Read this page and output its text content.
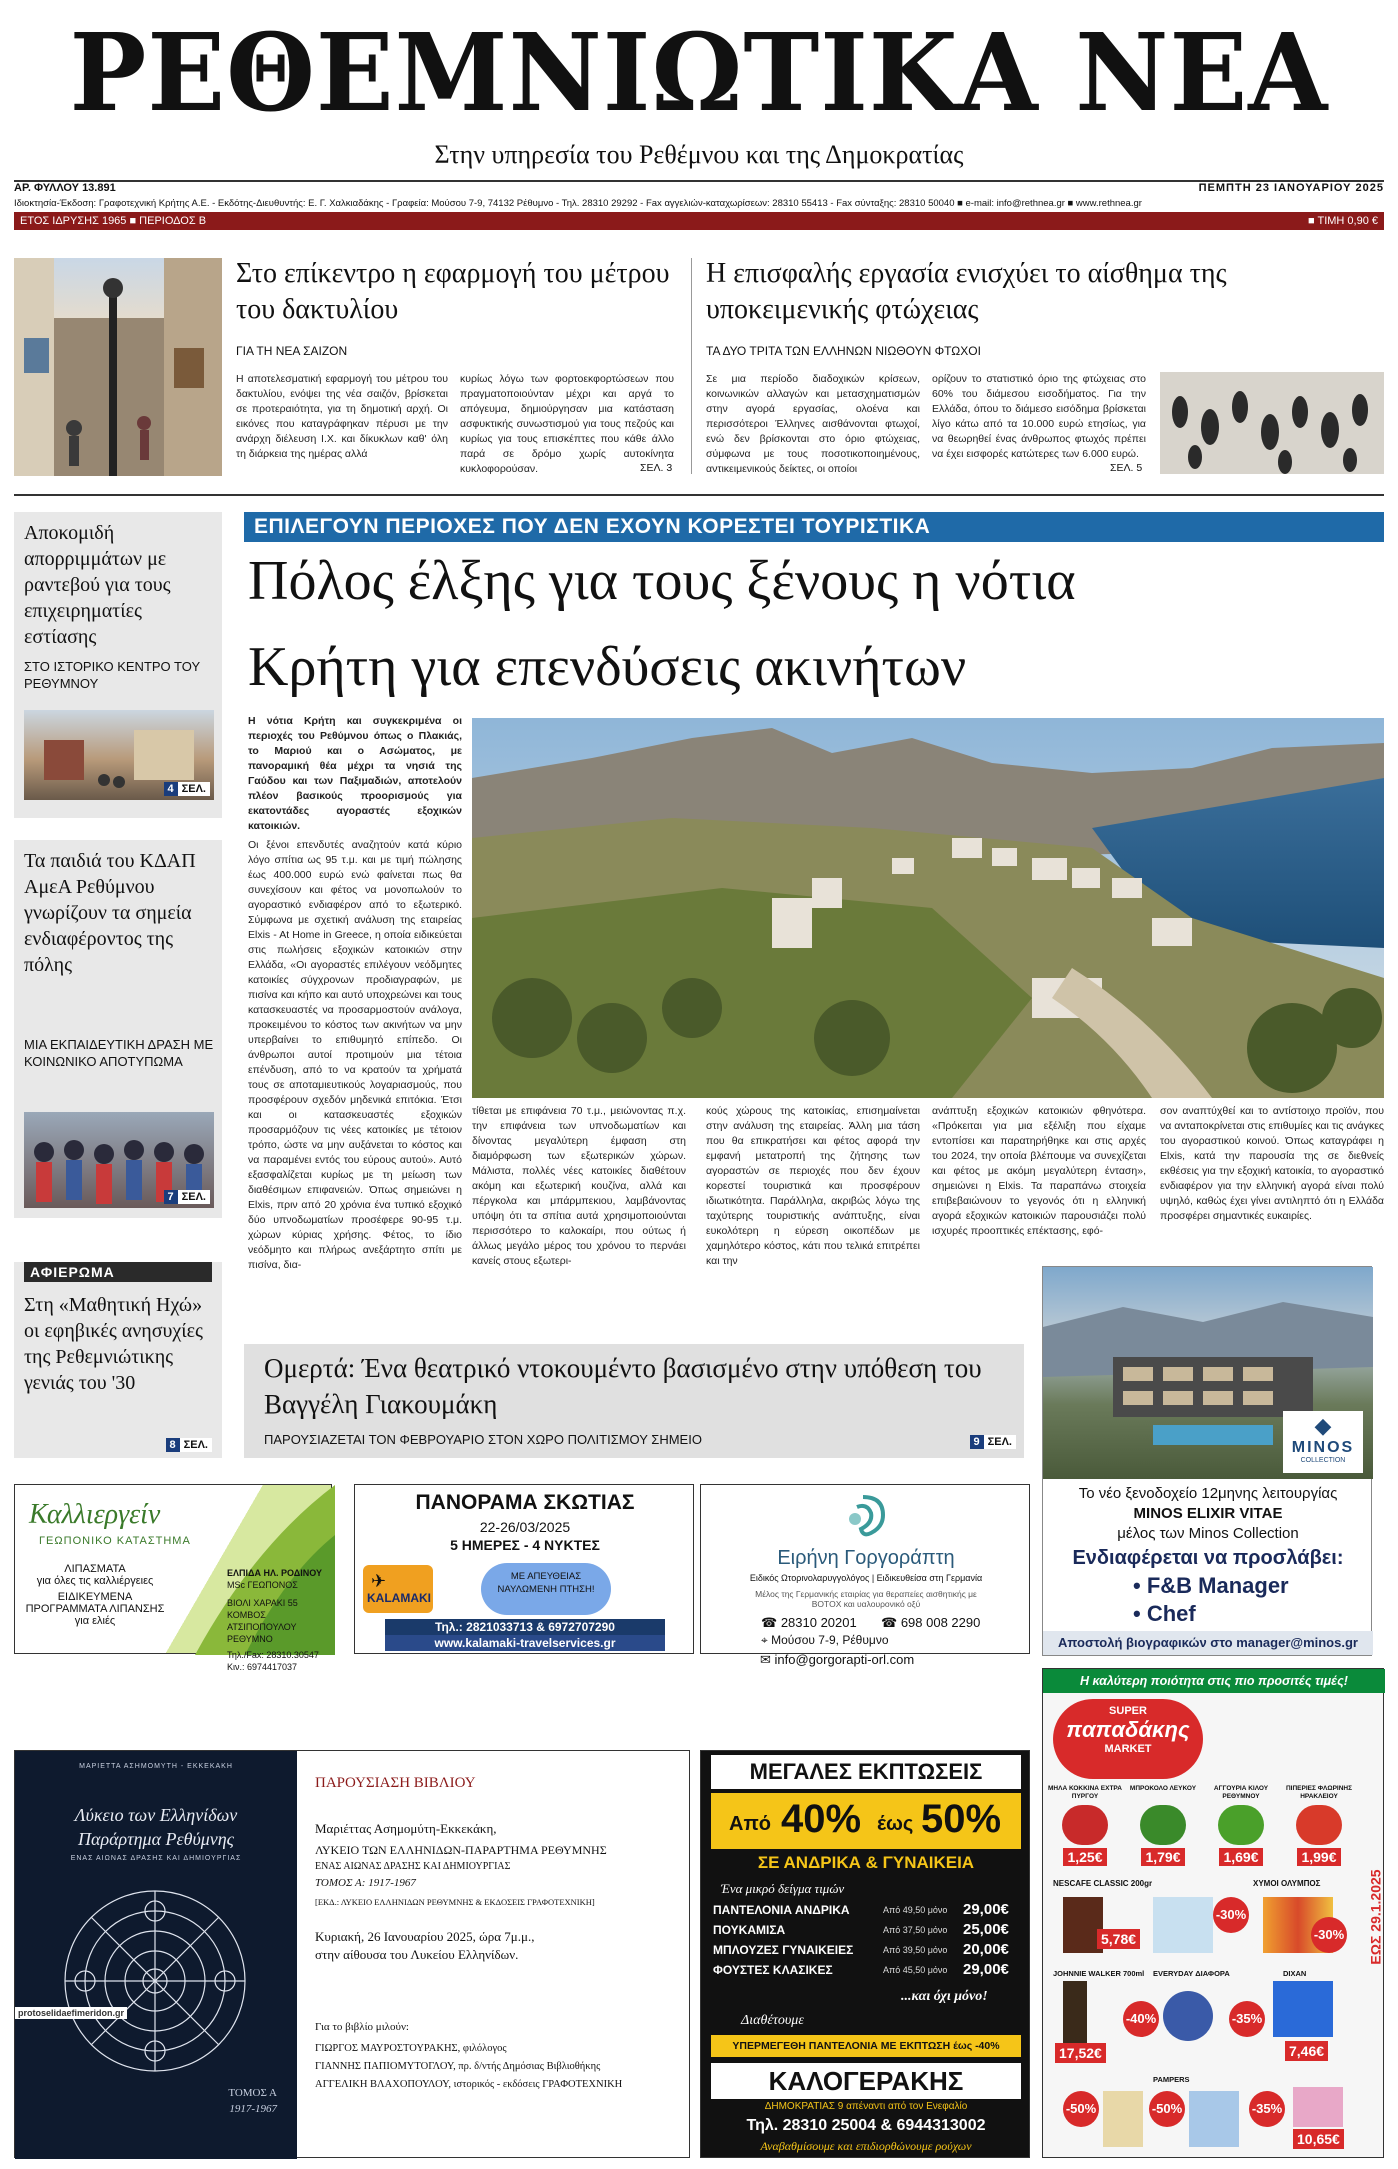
ΡΕΘΕΜΝΙΩΤΙΚΑ ΝΕΑ
Στην υπηρεσία του Ρεθέμνου και της Δημοκρατίας
ΑΡ. ΦΥΛΛΟΥ 13.891	ΠΕΜΠΤΗ 23 ΙΑΝΟΥΑΡΙΟΥ 2025
Ιδιοκτησία-Έκδοση: Γραφοτεχνική Κρήτης Α.Ε. - Εκδότης-Διευθυντής: Ε. Γ. Χαλκιαδάκης - Γραφεία: Μούσου 7-9, 74132 Ρέθυμνο - Τηλ. 28310 29292 - Fax αγγελιών-καταχωρίσεων: 28310 55413 - Fax σύνταξης: 28310 50040 ■ e-mail: info@rethnea.gr ■ www.rethnea.gr
ΕΤΟΣ ΙΔΡΥΣΗΣ 1965 ■ ΠΕΡΙΟΔΟΣ Β	■ ΤΙΜΗ 0,90 €
Στο επίκεντρο η εφαρμογή του μέτρου του δακτυλίου
ΓΙΑ ΤΗ ΝΕΑ ΣΑΙΖΟΝ
Η αποτελεσματική εφαρμογή του μέτρου του δακτυλίου, ενόψει της νέα σαιζόν, βρίσκεται σε προτεραιότητα, για τη δημοτική αρχή. Οι εικόνες που καταγράφηκαν πέρυσι με την ανάρχη διέλευση Ι.Χ. και δίκυκλων καθ' όλη τη διάρκεια της ημέρας αλλά
κυρίως λόγω των φορτοεκφορτώσεων που πραγματοποιούνταν μέχρι και αργά το απόγευμα, δημιούργησαν μια κατάσταση ασφυκτικής συνωστισμού για τους πεζούς και κυρίως για τους επισκέπτες που κάθε άλλο παρά σε δρόμο χωρίς αυτοκίνητα κυκλοφορούσαν.	ΣΕΛ. 3
Η επισφαλής εργασία ενισχύει το αίσθημα της υποκειμενικής φτώχειας
ΤΑ ΔΥΟ ΤΡΙΤΑ ΤΩΝ ΕΛΛΗΝΩΝ ΝΙΩΘΟΥΝ ΦΤΩΧΟΙ
Σε μια περίοδο διαδοχικών κρίσεων, κοινωνικών αλλαγών και μετασχηματισμών στην αγορά εργασίας, ολοένα και περισσότεροι Έλληνες αισθάνονται φτωχοί, ενώ δεν βρίσκονται στο όριο φτώχειας, σύμφωνα με τους ποσοτικοποιημένους, αντικειμενικούς δείκτες, οι οποίοι
ορίζουν το στατιστικό όριο της φτώχειας στο 60% του διάμεσου εισοδήματος. Για την Ελλάδα, όπου το διάμεσο εισόδημα βρίσκεται λίγο κάτω από τα 10.000 ευρώ ετησίως, για να θεωρηθεί ένας άνθρωπος φτωχός πρέπει να έχει εισφορές κατώτερες των 6.000 ευρώ.
ΣΕΛ. 5
Αποκομιδή απορριμμάτων με ραντεβού για τους επιχειρηματίες εστίασης
ΣΤΟ ΙΣΤΟΡΙΚΟ ΚΕΝΤΡΟ ΤΟΥ ΡΕΘΥΜΝΟΥ
4 ΣΕΛ.
Τα παιδιά του ΚΔΑΠ ΑμεΑ Ρεθύμνου γνωρίζουν τα σημεία ενδιαφέροντος της πόλης
ΜΙΑ ΕΚΠΑΙΔΕΥΤΙΚΗ ΔΡΑΣΗ ΜΕ ΚΟΙΝΩΝΙΚΟ ΑΠΟΤΥΠΩΜΑ
7 ΣΕΛ.
ΑΦΙΕΡΩΜΑ
Στη «Μαθητική Ηχώ» οι εφηβικές ανησυχίες της Ρεθεμνιώτικης γενιάς του '30
8 ΣΕΛ.
ΕΠΙΛΕΓΟΥΝ ΠΕΡΙΟΧΕΣ ΠΟΥ ΔΕΝ ΕΧΟΥΝ ΚΟΡΕΣΤΕΙ ΤΟΥΡΙΣΤΙΚΑ
Πόλος έλξης για τους ξένους η νότια
Κρήτη για επενδύσεις ακινήτων
Η νότια Κρήτη και συγκεκριμένα οι περιοχές του Ρεθύμνου όπως ο Πλακιάς, το Μαριού και ο Ασώματος, με πανοραμική θέα μέχρι τα νησιά της Γαύδου και των Παξιμαδιών, αποτελούν πλέον βασικούς προορισμούς για εκατοντάδες αγοραστές εξοχικών κατοικιών.
Οι ξένοι επενδυτές αναζητούν κατά κύριο λόγο σπίτια ως 95 τ.μ. και με τιμή πώλησης έως 400.000 ευρώ ενώ φαίνεται πως θα συνεχίσουν και φέτος να μονοπωλούν το αγοραστικό ενδιαφέρον από το εξωτερικό. Σύμφωνα με σχετική ανάλυση της εταιρείας Elxis - At Home in Greece, η οποία ειδικεύεται στις πωλήσεις εξοχικών κατοικιών στην Ελλάδα, «Οι αγοραστές επιλέγουν νεόδμητες κατοικίες σύγχρονων προδιαγραφών, με πισίνα και κήπο και αυτό υποχρεώνει και τους κατασκευαστές να προσαρμοστούν ανάλογα, προκειμένου το κόστος των ακινήτων να μην υπερβαίνει το επιθυμητό επίπεδο. Οι άνθρωποι αυτοί προτιμούν μια τέτοια επένδυση, από το να κρατούν τα χρήματά τους σε αποταμιευτικούς λογαριασμούς, που προσφέρουν σχεδόν μηδενικά επιτόκια. Έτσι και οι κατασκευαστές εξοχικών προσαρμόζουν τις νέες κατοικίες με τέτοιον τρόπο, ώστε να μην αυξάνεται το κόστος και να παραμένει εντός του εύρους αυτού». Αυτό εξασφαλίζεται κυρίως με τη μείωση των διαθέσιμων επιφανειών. Όπως σημειώνει η Elxis, πριν από 20 χρόνια ένα τυπικό εξοχικό δύο υπνοδωματίων προσέφερε 90-95 τ.μ. χώρων κύριας χρήσης. Φέτος, το ίδιο νεόδμητο και πλήρως ανεξάρτητο σπίτι με πισίνα, δια-
τίθεται με επιφάνεια 70 τ.μ., μειώνοντας π.χ. την επιφάνεια των υπνοδωματίων και δίνοντας μεγαλύτερη έμφαση στη διαμόρφωση των εξωτερικών χώρων. Μάλιστα, πολλές νέες κατοικίες διαθέτουν ακόμη και εξωτερική κουζίνα, αλλά και πέργκολα και μπάρμπεκιου, λαμβάνοντας υπόψη ότι τα σπίτια αυτά χρησιμοποιούνται περισσότερο το καλοκαίρι, που ούτως ή άλλως μεγάλο μέρος του χρόνου το περνάει κανείς στους εξωτερι-
κούς χώρους της κατοικίας, επισημαίνεται στην ανάλυση της εταιρείας. Άλλη μια τάση που θα επικρατήσει και φέτος αφορά την εμφανή μετατροπή της ζήτησης των αγοραστών σε περιοχές που δεν έχουν κορεστεί τουριστικά και προσφέρουν ιδιωτικότητα. Παράλληλα, ακριβώς λόγω της ταχύτερης τουριστικής ανάπτυξης, είναι ευκολότερη η εύρεση οικοπέδων με χαμηλότερο κόστος, κάτι που τελικά επιτρέπει και την
ανάπτυξη εξοχικών κατοικιών φθηνότερα. «Πρόκειται για μια εξέλιξη που είχαμε εντοπίσει και παρατηρήθηκε και στις αρχές του 2024, την οποία βλέπουμε να συνεχίζεται και φέτος με ακόμη μεγαλύτερη ένταση», σημειώνει η Elxis. Τα παραπάνω στοιχεία επιβεβαιώνουν το γεγονός ότι η ελληνική αγορά εξοχικών κατοικιών παρουσιάζει πολύ ισχυρές προοπτικές επέκτασης, εφό-
σον αναπτύχθεί και το αντίστοιχο προϊόν, που να ανταποκρίνεται στις επιθυμίες και τις ανάγκες του αγοραστικού κοινού. Όπως καταγράφει η Elxis, κατά την παρουσία της σε διεθνείς εκθέσεις για την εξοχική κατοικία, το αγοραστικό ενδιαφέρον για την ελληνική αγορά είναι πολύ υψηλό, καθώς έχει γίνει αντιληπτό ότι η Ελλάδα προσφέρει σημαντικές ευκαιρίες.
Ομερτά: Ένα θεατρικό ντοκουμέντο βασισμένο στην υπόθεση του Βαγγέλη Γιακουμάκη
ΠΑΡΟΥΣΙΑΖΕΤΑΙ ΤΟΝ ΦΕΒΡΟΥΑΡΙΟ ΣΤΟΝ ΧΩΡΟ ΠΟΛΙΤΙΣΜΟΥ ΣΗΜΕΙΟ	9 ΣΕΛ.
◆
MINOS
COLLECTION
Το νέο ξενοδοχείο 12μηνης λειτουργίας
MINOS ELIXIR VITAE
μέλος των Minos Collection
Ενδιαφέρεται να προσλάβει:
• F&B Manager
• Chef
Αποστολή βιογραφικών στο manager@minos.gr
Καλλιεργείν
ΓΕΩΠΟΝΙΚΟ ΚΑΤΑΣΤΗΜΑ
ΛΙΠΑΣΜΑΤΑ
για όλες τις καλλιέργειες
ΕΙΔΙΚΕΥΜΕΝΑ
ΠΡΟΓΡΑΜΜΑΤΑ ΛΙΠΑΝΣΗΣ
για ελιές
ΕΛΠΙΔΑ ΗΛ. ΡΟΔΙΝΟΥ
MSc ΓΕΩΠΟΝΟΣ
ΒΙΟΛΙ ΧΑΡΑΚΙ 55
ΚΟΜΒΟΣ ΑΤΣΙΠΟΠΟΥΛΟΥ
ΡΕΘΥΜΝΟ
Τηλ./Fax: 28310.30547
Κιν.: 6974417037
ΠΑΝΟΡΑΜΑ ΣΚΩΤΙΑΣ
22-26/03/2025
5 ΗΜΕΡΕΣ - 4 ΝΥΚΤΕΣ
✈
KALAMAKI
ΜΕ ΑΠΕΥΘΕΙΑΣ ΝΑΥΛΩΜΕΝΗ ΠΤΗΣΗ!
Τηλ.: 2821033713 & 6972707290
www.kalamaki-travelservices.gr
Ειρήνη Γοργοράπτη
Ειδικός Ωτορινολαρυγγολόγος | Ειδικευθείσα στη Γερμανία
Μέλος της Γερμανικής εταιρίας για θεραπείες αισθητικής με BOTOX και υαλουρονικό οξύ
☎ 28310 20201 ☎ 698 008 2290
⌖ Μούσου 7-9, Ρέθυμνο
✉ info@gorgorapti-orl.com
ΜΑΡΙΕΤΤΑ ΑΣΗΜΟΜΥΤΗ - ΕΚΚΕΚΑΚΗ
Λύκειο των Ελληνίδων
Παράρτημα Ρεθύμνης
ΕΝΑΣ ΑΙΩΝΑΣ ΔΡΑΣΗΣ ΚΑΙ ΔΗΜΙΟΥΡΓΙΑΣ
ΤΟΜΟΣ Α
1917-1967
protoselidaefimeridon.gr
ΠΑΡΟΥΣΙΑΣΗ ΒΙΒΛΙΟΥ
Μαριέττας Ασημομύτη-Εκκεκάκη,
ΛΥΚΕΙΟ ΤΩΝ ΕΛΛΗΝΙΔΩΝ-ΠΑΡΑΡΤΗΜΑ ΡΕΘΥΜΝΗΣ
ΕΝΑΣ ΑΙΩΝΑΣ ΔΡΑΣΗΣ ΚΑΙ ΔΗΜΙΟΥΡΓΙΑΣ
ΤΟΜΟΣ Α: 1917-1967
[ΕΚΔ.: ΛΥΚΕΙΟ ΕΛΛΗΝΙΔΩΝ ΡΕΘΥΜΝΗΣ & ΕΚΔΟΣΕΙΣ ΓΡΑΦΟΤΕΧΝΙΚΗ]
Κυριακή, 26 Ιανουαρίου 2025, ώρα 7μ.μ.,
στην αίθουσα του Λυκείου Ελληνίδων.
Για το βιβλίο μιλούν:
ΓΙΩΡΓΟΣ ΜΑΥΡΟΣΤΟΥΡΑΚΗΣ, φιλόλογος
ΓΙΑΝΝΗΣ ΠΑΠΙΟΜΥΤΟΓΛΟΥ, πρ. δ/ντής Δημόσιας Βιβλιοθήκης
ΑΓΓΕΛΙΚΗ ΒΛΑΧΟΠΟΥΛΟΥ, ιστορικός - εκδόσεις ΓΡΑΦΟΤΕΧΝΙΚΗ
ΜΕΓΑΛΕΣ ΕΚΠΤΩΣΕΙΣ
Από 40% έως 50%
ΣΕ ΑΝΔΡΙΚΑ & ΓΥΝΑΙΚΕΙΑ
Ένα μικρό δείγμα τιμών
ΠΑΝΤΕΛΟΝΙΑ ΑΝΔΡΙΚΑ	Από 49,50 μόνο 29,00€
ΠΟΥΚΑΜΙΣΑ	Από 37,50 μόνο 25,00€
ΜΠΛΟΥΖΕΣ ΓΥΝΑΙΚΕΙΕΣ	Από 39,50 μόνο 20,00€
ΦΟΥΣΤΕΣ ΚΛΑΣΙΚΕΣ	Από 45,50 μόνο 29,00€
...και όχι μόνο!
Διαθέτουμε
ΥΠΕΡΜΕΓΕΘΗ ΠΑΝΤΕΛΟΝΙΑ ΜΕ ΕΚΠΤΩΣΗ έως -40%
ΚΑΛΟΓΕΡΑΚΗΣ
ΔΗΜΟΚΡΑΤΙΑΣ 9 απέναντι από τον Ενεφαλίο
Τηλ. 28310 25004 & 6944313002
Αναβαθμίσουμε και επιδιορθώνουμε ρούχων
Η καλύτερη ποιότητα στις πιο προσιτές τιμές!
SUPER
παπαδάκης
MARKET
ΕΩΣ 29.1.2025
ΜΗΛΑ ΚΟΚΚΙΝΑ ΕΧΤΡΑ ΠΥΡΓΟΥ
1,25€
ΜΠΡΟΚΟΛΟ ΛΕΥΚΟΥ
1,79€
ΑΓΓΟΥΡΙΑ ΚΙΛΟΥ ΡΕΘΥΜΝΟΥ
1,69€
ΠΙΠΕΡΙΕΣ ΦΛΩΡΙΝΗΣ ΗΡΑΚΛΕΙΟΥ
1,99€
NESCAFE CLASSIC 200gr	ΧΥΜΟΙ ΟΛΥΜΠΟΣ
5,78€
-30%
-30%
JOHNNIE WALKER 700ml EVERYDAY ΔΙΑΦΟΡΑ	DIXAN
17,52€
-40%	-35%
7,46€
PAMPERS
-50%	-50%	-35%
10,65€
